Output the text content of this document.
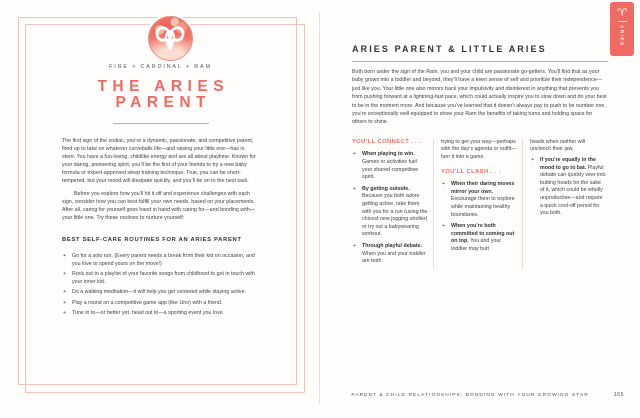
FIRE + CARDINAL + RAM
THE ARIES
PARENT
The first sign of the zodiac, you’re a dynamic, passionate, and competitive parent, fired up to take on whatever curveballs life—and raising your little one—has in store. You have a fun-loving, childlike energy and are all about playtime. Known for your daring, pioneering spirit, you’ll be the first of your friends to try a new baby formula or expert-approved sleep training technique. True, you can be short-tempered, but your mood will dissipate quickly, and you’ll be on to the next task.
Before you explore how you’ll hit it off and experience challenges with each sign, consider how you can best fulfill your own needs, based on your placements. After all, caring for yourself goes hand in hand with caring for—and bonding with—your little one. Try these routines to nurture yourself:
BEST SELF-CARE ROUTINES FOR AN ARIES PARENT
+ Go for a solo run. (Every parent needs a break from their kid on occasion, and you love to spend yours on the move!)
+ Rock out to a playlist of your favorite songs from childhood to get in touch with your inner kid.
+ Do a walking meditation—it will help you get centered while staying active.
+ Play a round on a competitive game app (like Uno) with a friend.
+ Tune in to—or better yet, head out to—a sporting event you love.
ARIES PARENT & LITTLE ARIES
Both born under the sign of the Ram, you and your child are passionate go-getters. You’ll find that as your baby grows into a toddler and beyond, they’ll have a keen sense of self and prioritize their independence—just like you. Your little one also mirrors back your impulsivity and disinterest in anything that prevents you from pushing forward at a lightning-fast pace, which could actually inspire you to slow down and do your best to be in the moment more. And because you’ve learned that it doesn’t always pay to push to be number one, you’re exceptionally well equipped to show your Ram the benefits of taking turns and holding space for others to shine.
YOU’LL CONNECT . . .
+ When playing to win. Games or activities fuel your shared competitive spirit.
+ By getting outside. Because you both adore getting active, take them with you for a run (using the chicest new jogging stroller) or try out a babywearing workout.
+ Through playful debate. When you and your toddler are both
trying to get your way—perhaps with the day’s agenda or outfit—turn it into a game.
YOU’LL CLASH . . .
+ When their daring moves mirror your own. Encourage them to explore while maintaining healthy boundaries.
+ When you’re both committed to coming out on top. You and your toddler may butt
heads when neither will unclench their jaw.
+ If you’re equally in the mood to go to bat. Playful debate can quickly veer into butting heads for the sake of it, which could be wholly unproductive—and require a quick cool-off period for you both.
PARENT & CHILD RELATIONSHIPS: BONDING WITH YOUR GROWING STAR	165
♈
ARIES
